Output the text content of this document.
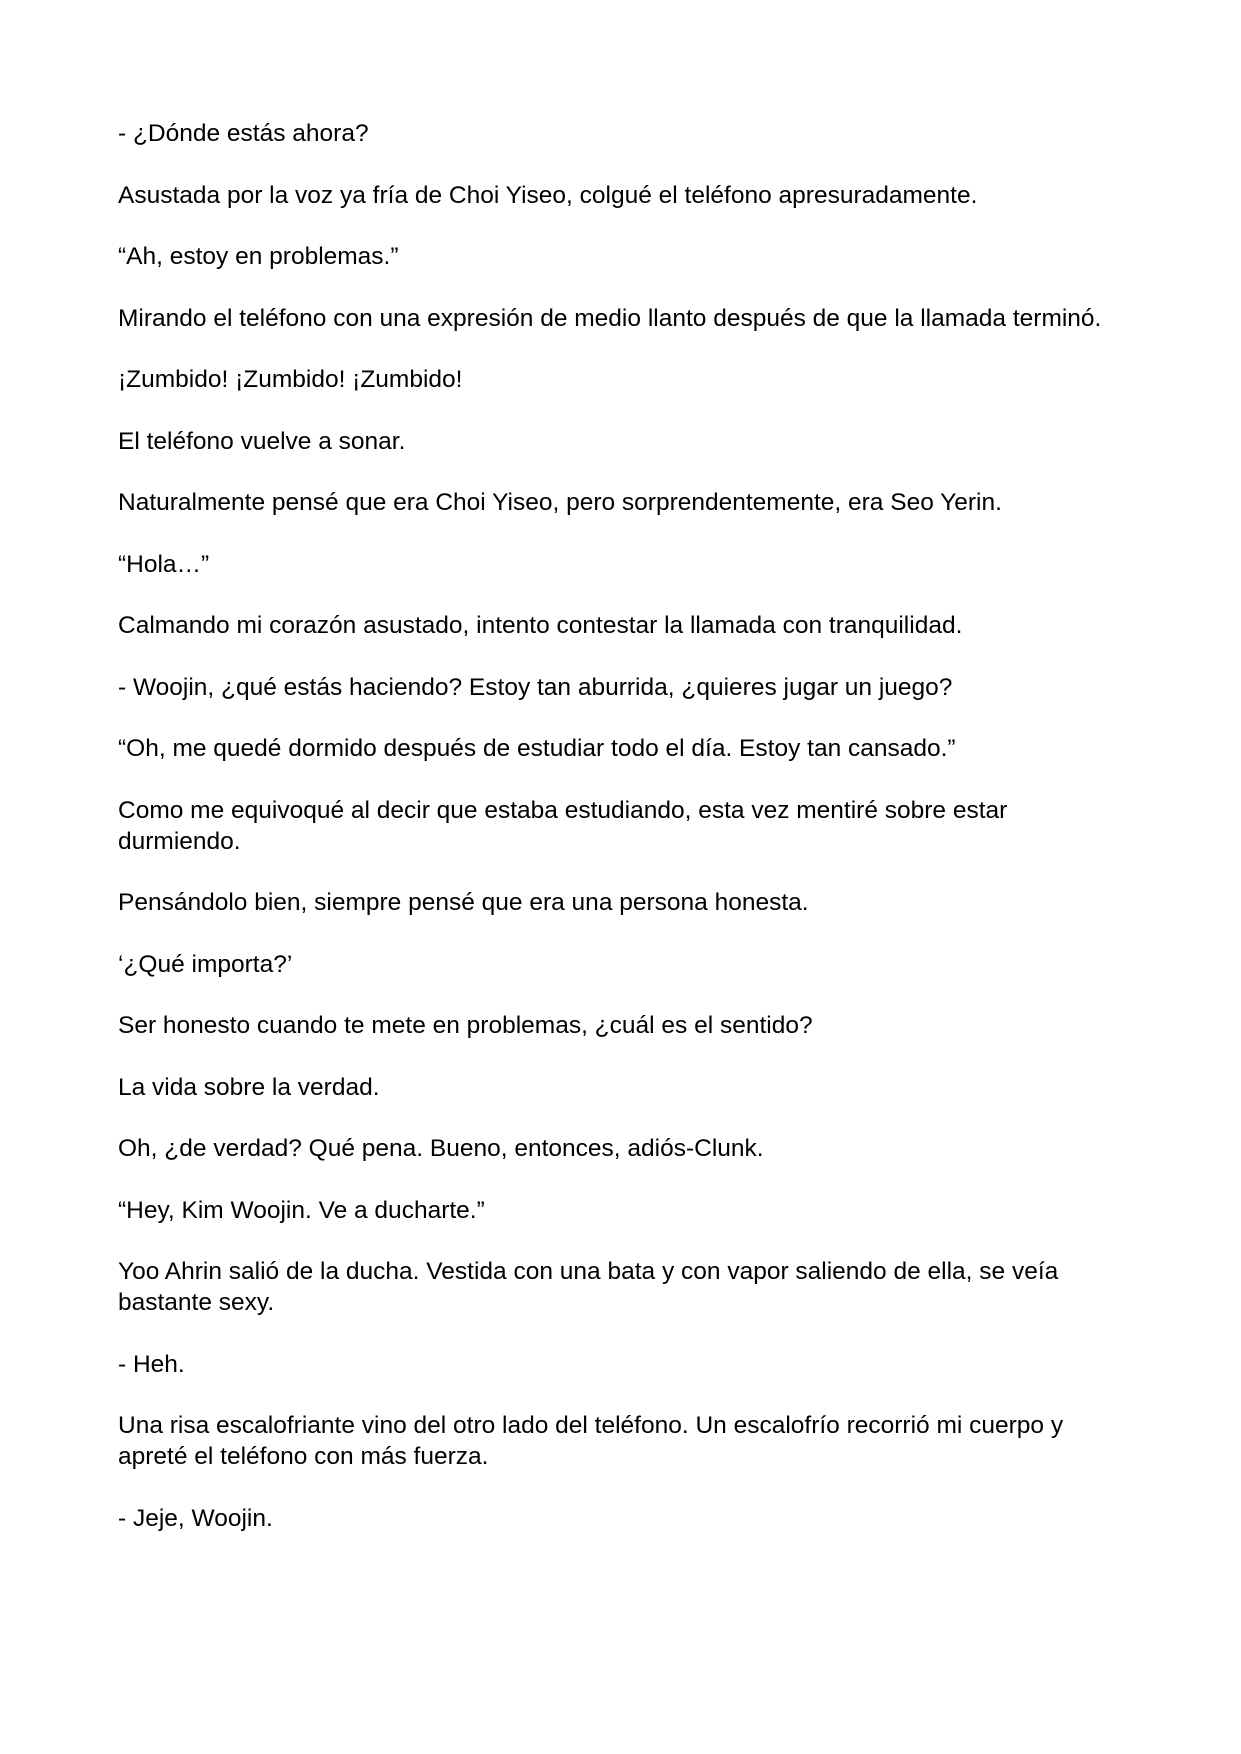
- ¿Dónde estás ahora?

Asustada por la voz ya fría de Choi Yiseo, colgué el teléfono apresuradamente.

“Ah, estoy en problemas.”

Mirando el teléfono con una expresión de medio llanto después de que la llamada terminó.

¡Zumbido! ¡Zumbido! ¡Zumbido!

El teléfono vuelve a sonar.

Naturalmente pensé que era Choi Yiseo, pero sorprendentemente, era Seo Yerin.

“Hola…”

Calmando mi corazón asustado, intento contestar la llamada con tranquilidad.

- Woojin, ¿qué estás haciendo? Estoy tan aburrida, ¿quieres jugar un juego?

“Oh, me quedé dormido después de estudiar todo el día. Estoy tan cansado.”

Como me equivoqué al decir que estaba estudiando, esta vez mentiré sobre estar durmiendo.

Pensándolo bien, siempre pensé que era una persona honesta.

‘¿Qué importa?’

Ser honesto cuando te mete en problemas, ¿cuál es el sentido?

La vida sobre la verdad.

Oh, ¿de verdad? Qué pena. Bueno, entonces, adiós-Clunk.

“Hey, Kim Woojin. Ve a ducharte.”

Yoo Ahrin salió de la ducha. Vestida con una bata y con vapor saliendo de ella, se veía bastante sexy.

- Heh.

Una risa escalofriante vino del otro lado del teléfono. Un escalofrío recorrió mi cuerpo y apreté el teléfono con más fuerza.

- Jeje, Woojin.
